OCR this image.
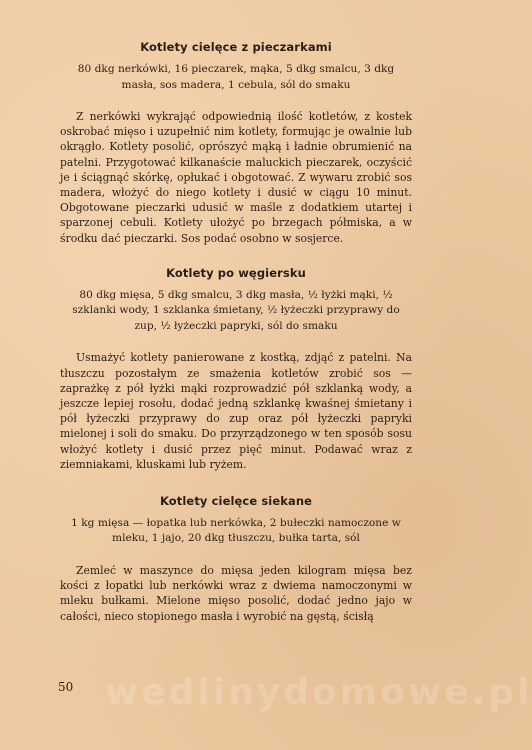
Kotlety cielęce z pieczarkami
80 dkg nerkówki, 16 pieczarek, mąka, 5 dkg smalcu, 3 dkg masła, sos madera, 1 cebula, sól do smaku

Z nerkówki wykrająć odpowiednią ilość kotletów, z kostek oskrobać mięso i uzupełnić nim kotlety, formując je owalnie lub okrągło. Kotlety posolić, oprószyć mąką i ładnie obrumienić na patelni. Przygotować kilkanaście maluckich pieczarek, oczyścić je i ściągnąć skórkę, opłukać i obgotować. Z wywaru zrobić sos madera, włożyć do niego kotlety i dusić w ciągu 10 minut. Obgotowane pieczarki udusić w maśle z dodatkiem utartej i sparzonej cebuli. Kotlety ułożyć po brzegach półmiska, a w środku dać pieczarki. Sos podać osobno w sosjerce.

Kotlety po węgiersku
80 dkg mięsa, 5 dkg smalcu, 3 dkg masła, ½ łyżki mąki, ½ szklanki wody, 1 szklanka śmietany, ½ łyżeczki przyprawy do zup, ½ łyżeczki papryki, sól do smaku

Usmażyć kotlety panierowane z kostką, zdjąć z patelni. Na tłuszczu pozostałym ze smażenia kotletów zrobić sos — zaprażkę z pół łyżki mąki rozprowadzić pół szklanką wody, a jeszcze lepiej rosołu, dodać jedną szklankę kwaśnej śmietany i pół łyżeczki przyprawy do zup oraz pół łyżeczki papryki mielonej i soli do smaku. Do przyrządzonego w ten sposób sosu włożyć kotlety i dusić przez pięć minut. Podawać wraz z ziemniakami, kluskami lub ryżem.

Kotlety cielęce siekane
1 kg mięsa — łopatka lub nerkówka, 2 bułeczki namoczone w mleku, 1 jajo, 20 dkg tłuszczu, bułka tarta, sól

Zemleć w maszynce do mięsa jeden kilogram mięsa bez kości z łopatki lub nerkówki wraz z dwiema namoczonymi w mleku bułkami. Mielone mięso posolić, dodać jedno jajo w całości, nieco stopionego masła i wyrobić na gęstą, ścisłą

wedlinydomowe.pl
50
